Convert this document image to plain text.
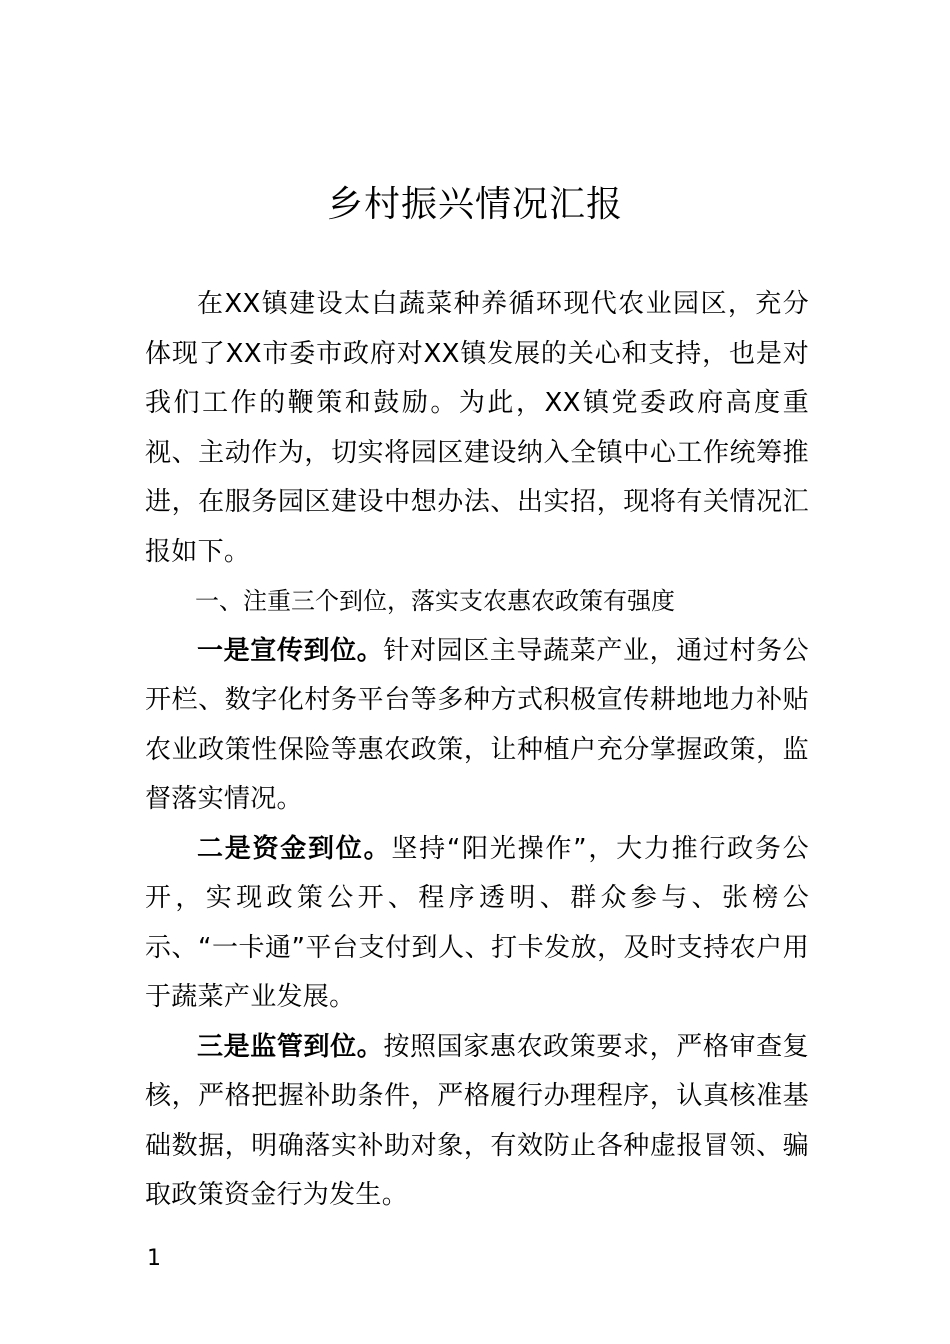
乡村振兴情况汇报

在XX镇建设太白蔬菜种养循环现代农业园区，充分体现了XX市委市政府对XX镇发展的关心和支持，也是对我们工作的鞭策和鼓励。为此，XX镇党委政府高度重视、主动作为，切实将园区建设纳入全镇中心工作统筹推进，在服务园区建设中想办法、出实招，现将有关情况汇报如下。

一、注重三个到位，落实支农惠农政策有强度

一是宣传到位。针对园区主导蔬菜产业，通过村务公开栏、数字化村务平台等多种方式积极宣传耕地地力补贴农业政策性保险等惠农政策，让种植户充分掌握政策，监督落实情况。

二是资金到位。坚持“阳光操作”，大力推行政务公开，实现政策公开、程序透明、群众参与、张榜公示、“一卡通”平台支付到人、打卡发放，及时支持农户用于蔬菜产业发展。

三是监管到位。按照国家惠农政策要求，严格审查复核，严格把握补助条件，严格履行办理程序，认真核准基础数据，明确落实补助对象，有效防止各种虚报冒领、骗取政策资金行为发生。

1
